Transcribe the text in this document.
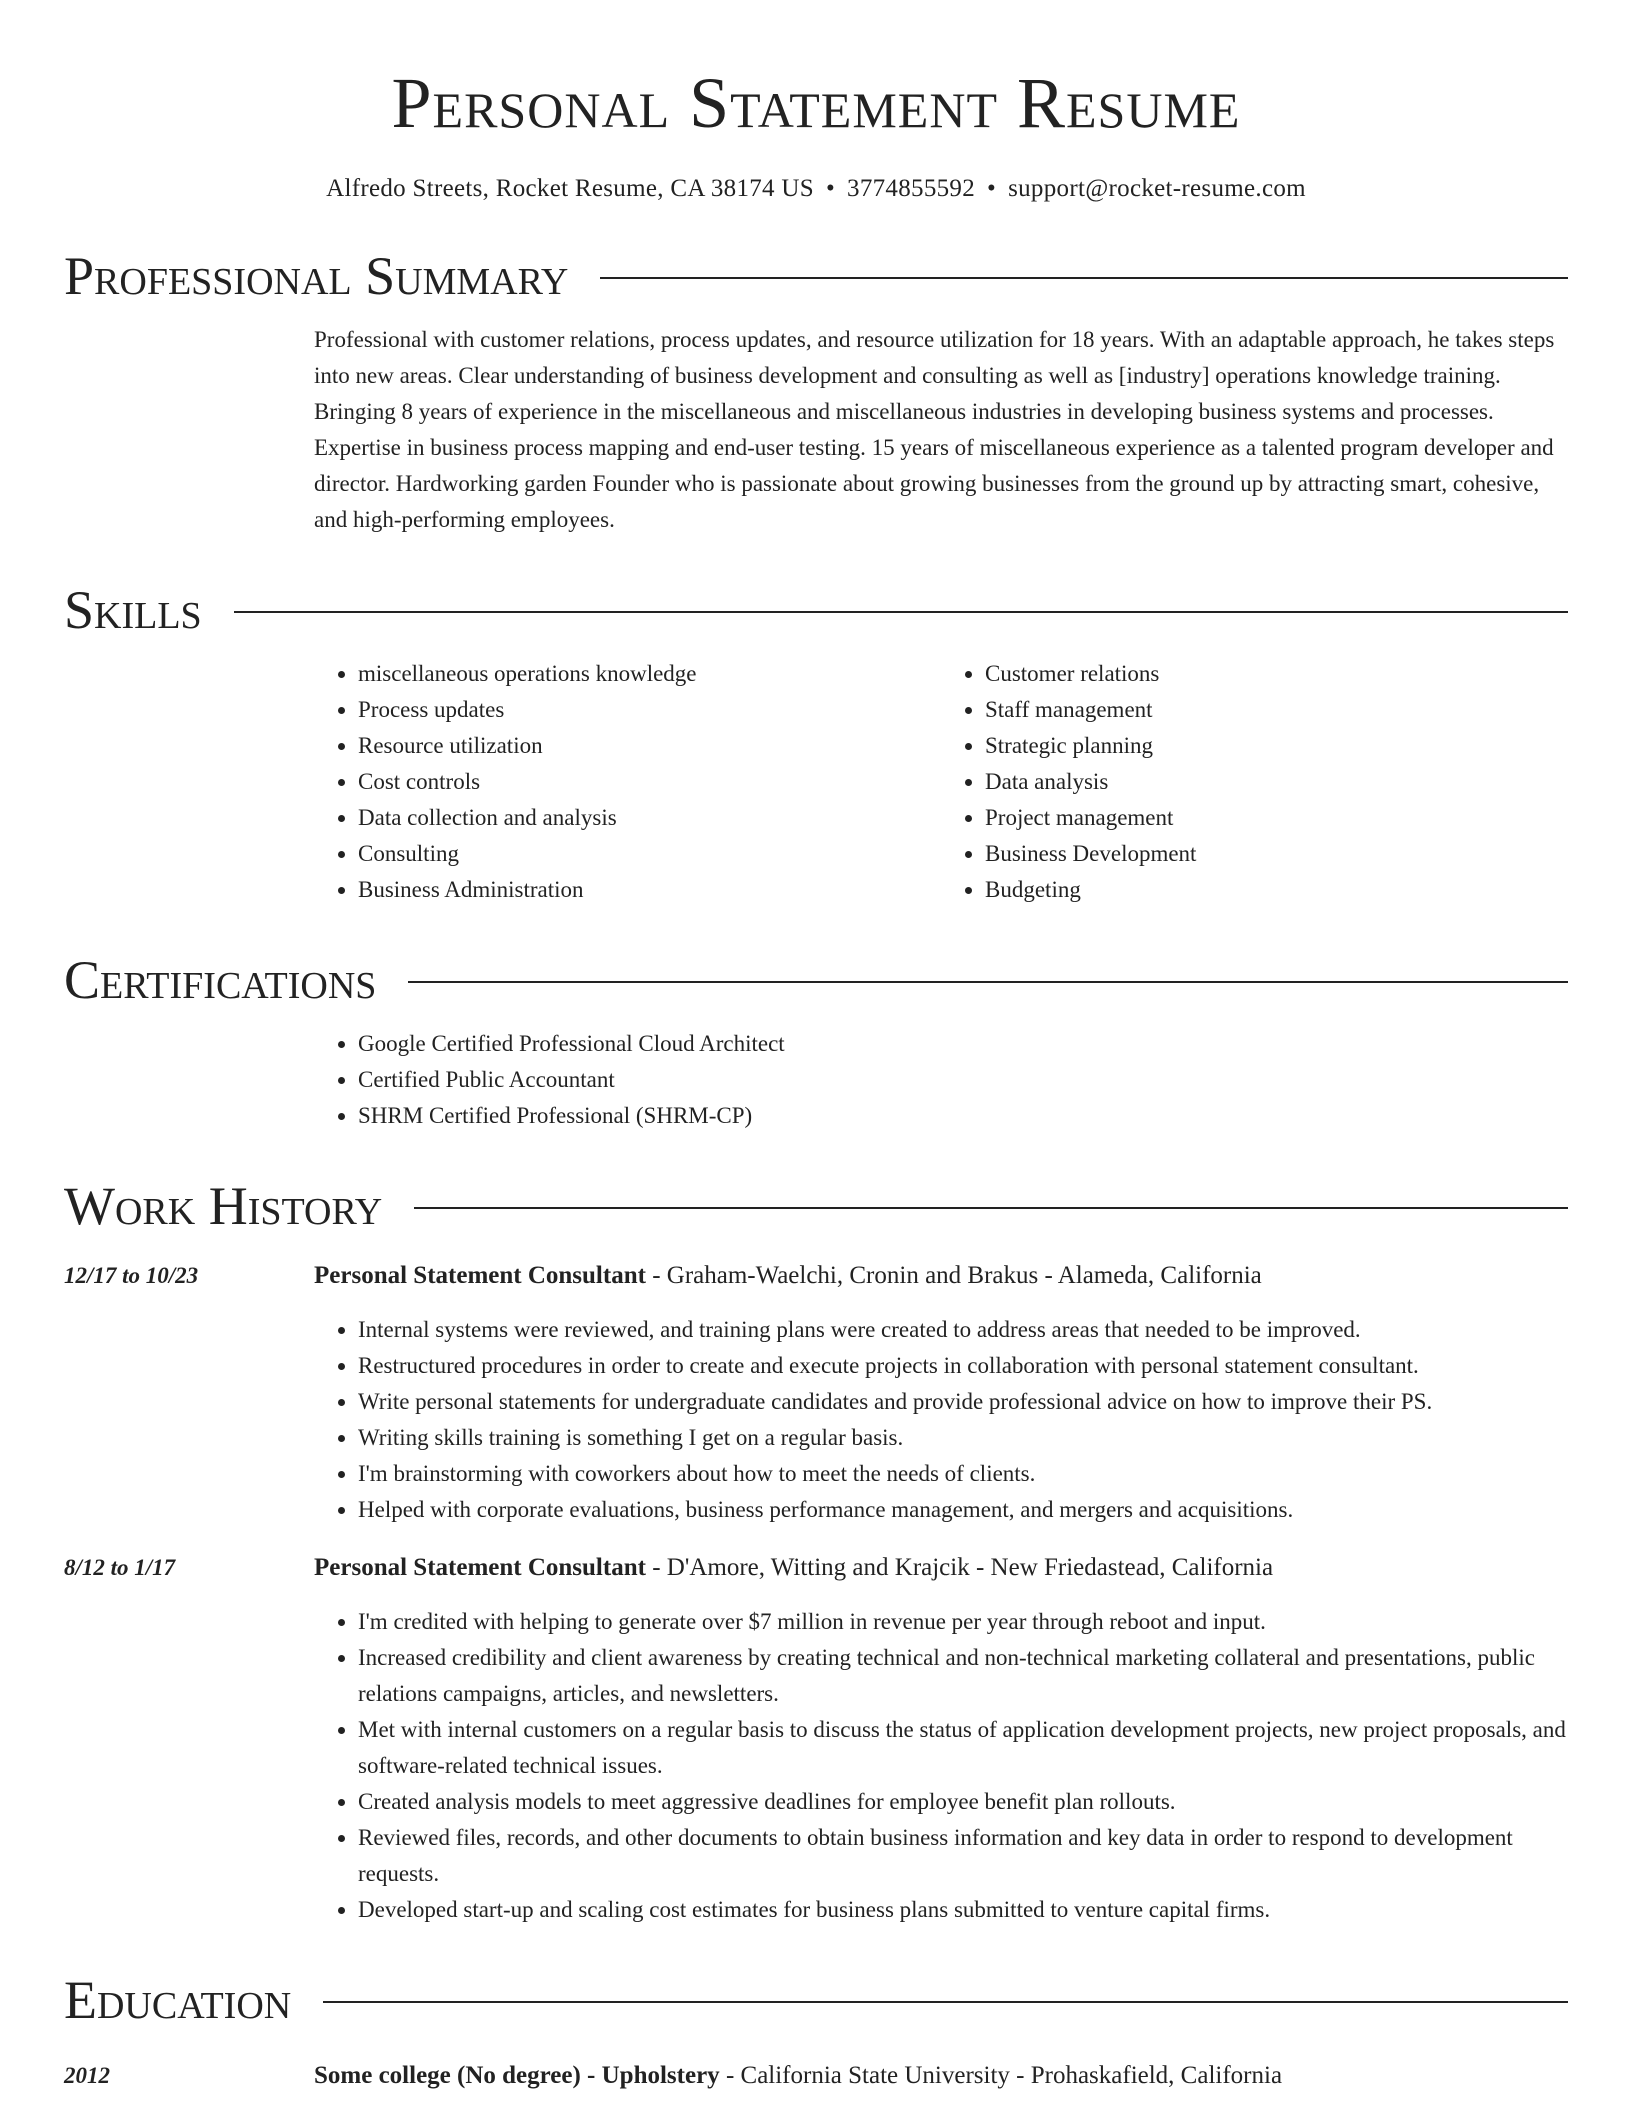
Personal Statement Resume
Alfredo Streets, Rocket Resume, CA 38174 US • 3774855592 • support@rocket-resume.com
Professional Summary

Professional with customer relations, process updates, and resource utilization for 18 years. With an adaptable approach, he takes steps into new areas. Clear understanding of business development and consulting as well as [industry] operations knowledge training. Bringing 8 years of experience in the miscellaneous and miscellaneous industries in developing business systems and processes. Expertise in business process mapping and end-user testing. 15 years of miscellaneous experience as a talented program developer and director. Hardworking garden Founder who is passionate about growing businesses from the ground up by attracting smart, cohesive, and high-performing employees.

Skills
• miscellaneous operations knowledge
• Process updates
• Resource utilization
• Cost controls
• Data collection and analysis
• Consulting
• Business Administration
• Customer relations
• Staff management
• Strategic planning
• Data analysis
• Project management
• Business Development
• Budgeting
Certifications
• Google Certified Professional Cloud Architect
• Certified Public Accountant
• SHRM Certified Professional (SHRM-CP)
Work History
12/17 to 10/23	Personal Statement Consultant - Graham-Waelchi, Cronin and Brakus - Alameda, California
• Internal systems were reviewed, and training plans were created to address areas that needed to be improved.
• Restructured procedures in order to create and execute projects in collaboration with personal statement consultant.
• Write personal statements for undergraduate candidates and provide professional advice on how to improve their PS.
• Writing skills training is something I get on a regular basis.
• I'm brainstorming with coworkers about how to meet the needs of clients.
• Helped with corporate evaluations, business performance management, and mergers and acquisitions.
8/12 to 1/17	Personal Statement Consultant - D'Amore, Witting and Krajcik - New Friedastead, California
• I'm credited with helping to generate over $7 million in revenue per year through reboot and input.
• Increased credibility and client awareness by creating technical and non-technical marketing collateral and presentations, public relations campaigns, articles, and newsletters.
• Met with internal customers on a regular basis to discuss the status of application development projects, new project proposals, and software-related technical issues.
• Created analysis models to meet aggressive deadlines for employee benefit plan rollouts.
• Reviewed files, records, and other documents to obtain business information and key data in order to respond to development requests.
• Developed start-up and scaling cost estimates for business plans submitted to venture capital firms.
Education
2012	Some college (No degree) - Upholstery - California State University - Prohaskafield, California
